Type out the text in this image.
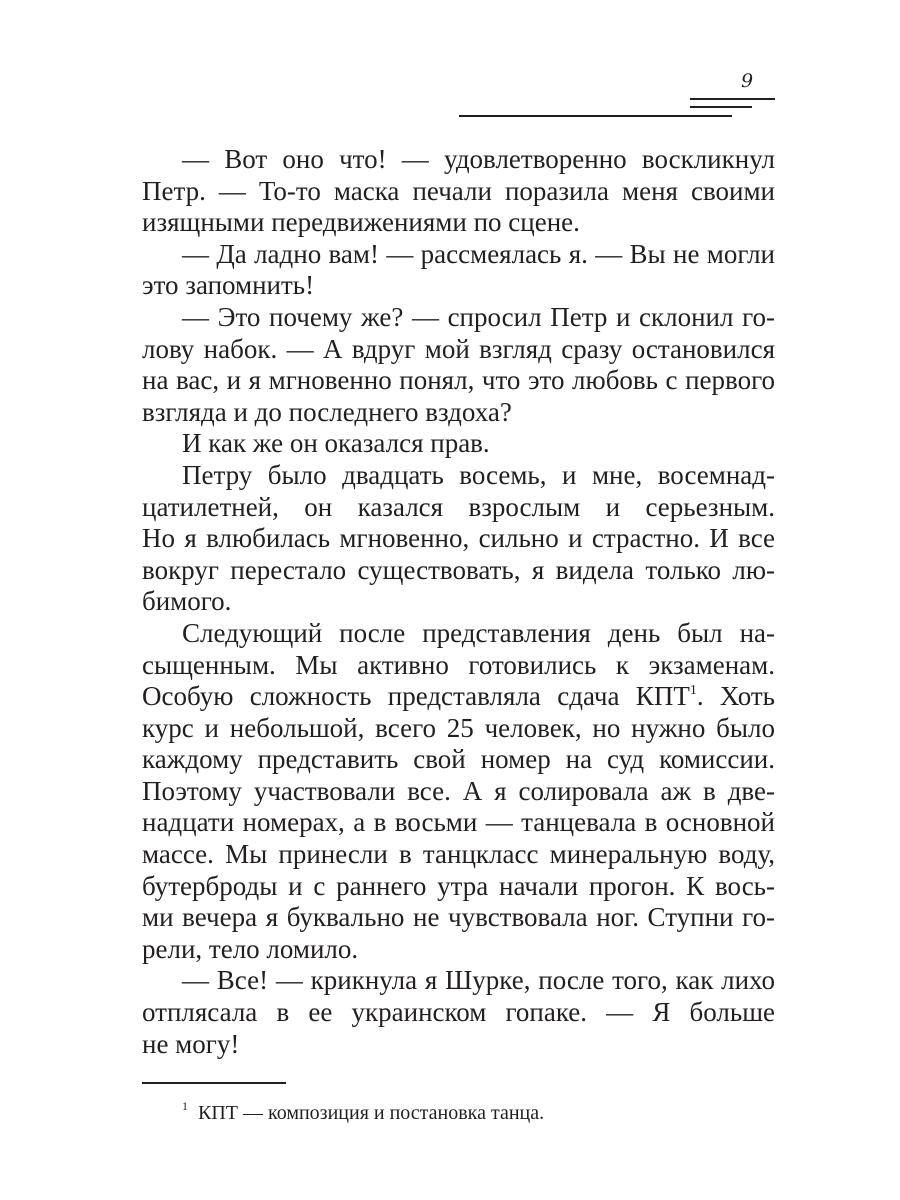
9
— Вот оно что! — удовлетворенно воскликнул
Петр. — То-то маска печали поразила меня своими
изящными передвижениями по сцене.
— Да ладно вам! — рассмеялась я. — Вы не могли
это запомнить!
— Это почему же? — спросил Петр и склонил го-
лову набок. — А вдруг мой взгляд сразу остановился
на вас, и я мгновенно понял, что это любовь с первого
взгляда и до последнего вздоха?
И как же он оказался прав.
Петру было двадцать восемь, и мне, восемнад-
цатилетней, он казался взрослым и серьезным.
Но я влюбилась мгновенно, сильно и страстно. И все
вокруг перестало существовать, я видела только лю-
бимого.
Следующий после представления день был на-
сыщенным. Мы активно готовились к экзаменам.
Особую сложность представляла сдача КПТ$^1$. Хоть
курс и небольшой, всего 25 человек, но нужно было
каждому представить свой номер на суд комиссии.
Поэтому участвовали все. А я солировала аж в две-
надцати номерах, а в восьми — танцевала в основной
массе. Мы принесли в танцкласс минеральную воду,
бутерброды и с раннего утра начали прогон. К вось-
ми вечера я буквально не чувствовала ног. Ступни го-
рели, тело ломило.
— Все! — крикнула я Шурке, после того, как лихо
отплясала в ее украинском гопаке. — Я больше
не могу!
$^1$ КПТ — композиция и постановка танца.
